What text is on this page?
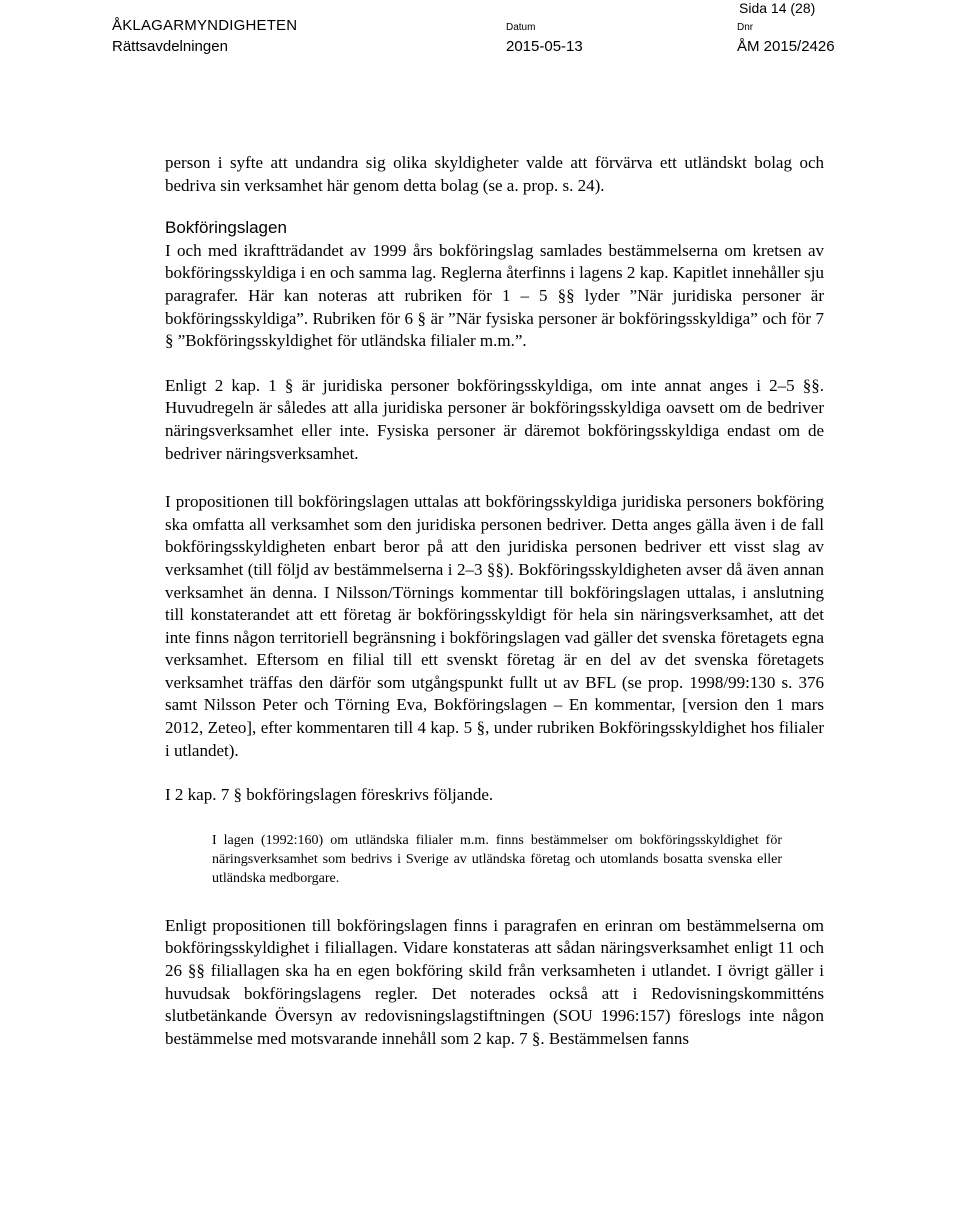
Sida 14 (28)
ÅKLAGARMYNDIGHETEN
Rättsavdelningen
Datum
2015-05-13
Dnr
ÅM 2015/2426

person i syfte att undandra sig olika skyldigheter valde att förvärva ett utländskt bolag och bedriva sin verksamhet här genom detta bolag (se a. prop. s. 24).

Bokföringslagen

I och med ikraftträdandet av 1999 års bokföringslag samlades bestämmelserna om kretsen av bokföringsskyldiga i en och samma lag. Reglerna återfinns i lagens 2 kap. Kapitlet innehåller sju paragrafer. Här kan noteras att rubriken för 1 – 5 §§ lyder ”När juridiska personer är bokföringsskyldiga”. Rubriken för 6 § är ”När fysiska personer är bokföringsskyldiga” och för 7 § ”Bokföringsskyldighet för utländska filialer m.m.”.

Enligt 2 kap. 1 § är juridiska personer bokföringsskyldiga, om inte annat anges i 2–5 §§. Huvudregeln är således att alla juridiska personer är bokföringsskyldiga oavsett om de bedriver näringsverksamhet eller inte. Fysiska personer är däremot bokföringsskyldiga endast om de bedriver näringsverksamhet.

I propositionen till bokföringslagen uttalas att bokföringsskyldiga juridiska personers bokföring ska omfatta all verksamhet som den juridiska personen bedriver. Detta anges gälla även i de fall bokföringsskyldigheten enbart beror på att den juridiska personen bedriver ett visst slag av verksamhet (till följd av bestämmelserna i 2–3 §§). Bokföringsskyldigheten avser då även annan verksamhet än denna. I Nilsson/Törnings kommentar till bokföringslagen uttalas, i anslutning till konstaterandet att ett företag är bokföringsskyldigt för hela sin näringsverksamhet, att det inte finns någon territoriell begränsning i bokföringslagen vad gäller det svenska företagets egna verksamhet. Eftersom en filial till ett svenskt företag är en del av det svenska företagets verksamhet träffas den därför som utgångspunkt fullt ut av BFL (se prop. 1998/99:130 s. 376 samt Nilsson Peter och Törning Eva, Bokföringslagen – En kommentar, [version den 1 mars 2012, Zeteo], efter kommentaren till 4 kap. 5 §, under rubriken Bokföringsskyldighet hos filialer i utlandet).

I 2 kap. 7 § bokföringslagen föreskrivs följande.

I lagen (1992:160) om utländska filialer m.m. finns bestämmelser om bokföringsskyldighet för näringsverksamhet som bedrivs i Sverige av utländska företag och utomlands bosatta svenska eller utländska medborgare.

Enligt propositionen till bokföringslagen finns i paragrafen en erinran om bestämmelserna om bokföringsskyldighet i filiallagen. Vidare konstateras att sådan näringsverksamhet enligt 11 och 26 §§ filiallagen ska ha en egen bokföring skild från verksamheten i utlandet. I övrigt gäller i huvudsak bokföringslagens regler. Det noterades också att i Redovisningskommitténs slutbetänkande Översyn av redovisningslagstiftningen (SOU 1996:157) föreslogs inte någon bestämmelse med motsvarande innehåll som 2 kap. 7 §. Bestämmelsen fanns
